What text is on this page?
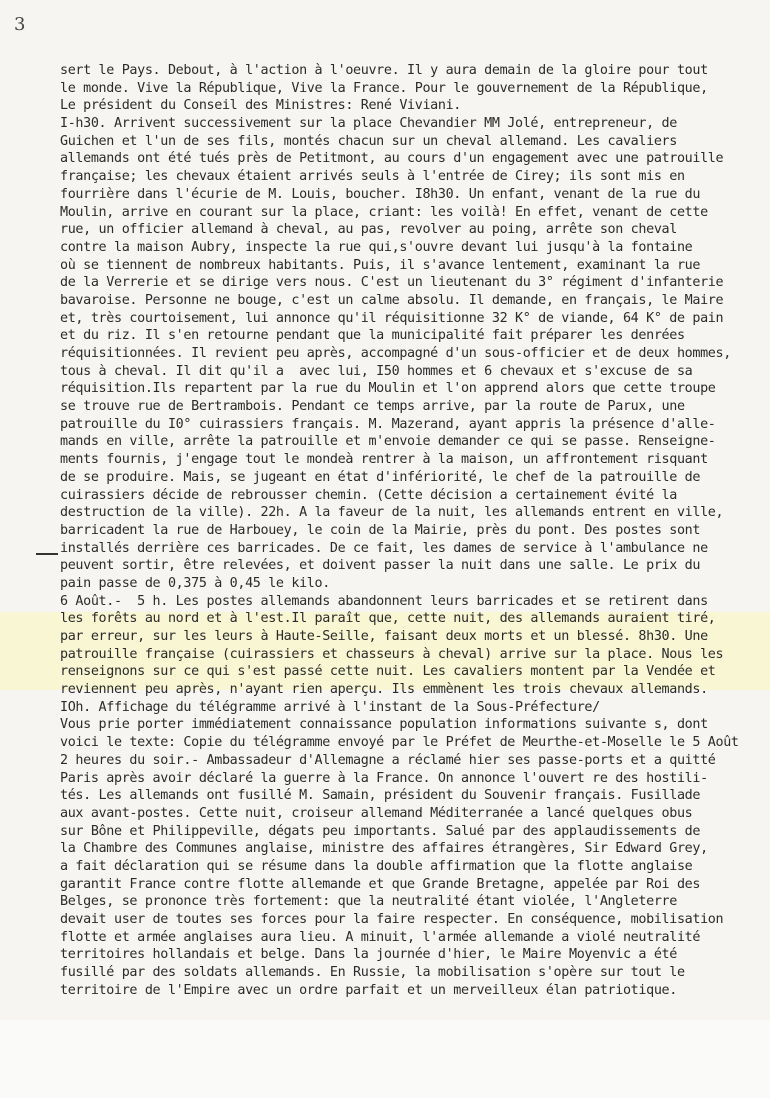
3
sert le Pays. Debout, à l'action à l'oeuvre. Il y aura demain de la gloire pour tout
le monde. Vive la République, Vive la France. Pour le gouvernement de la République,
Le président du Conseil des Ministres: René Viviani.
I-h30. Arrivent successivement sur la place Chevandier MM Jolé, entrepreneur, de
Guichen et l'un de ses fils, montés chacun sur un cheval allemand. Les cavaliers
allemands ont été tués près de Petitmont, au cours d'un engagement avec une patrouille
française; les chevaux étaient arrivés seuls à l'entrée de Cirey; ils sont mis en
fourrière dans l'écurie de M. Louis, boucher. I8h30. Un enfant, venant de la rue du
Moulin, arrive en courant sur la place, criant: les voilà! En effet, venant de cette
rue, un officier allemand à cheval, au pas, revolver au poing, arrête son cheval
contre la maison Aubry, inspecte la rue qui,s'ouvre devant lui jusqu'à la fontaine
où se tiennent de nombreux habitants. Puis, il s'avance lentement, examinant la rue
de la Verrerie et se dirige vers nous. C'est un lieutenant du 3° régiment d'infanterie
bavaroise. Personne ne bouge, c'est un calme absolu. Il demande, en français, le Maire
et, très courtoisement, lui annonce qu'il réquisitionne 32 K° de viande, 64 K° de pain
et du riz. Il s'en retourne pendant que la municipalité fait préparer les denrées
réquisitionnées. Il revient peu après, accompagné d'un sous-officier et de deux hommes,
tous à cheval. Il dit qu'il a  avec lui, I50 hommes et 6 chevaux et s'excuse de sa
réquisition.Ils repartent par la rue du Moulin et l'on apprend alors que cette troupe
se trouve rue de Bertrambois. Pendant ce temps arrive, par la route de Parux, une
patrouille du I0° cuirassiers français. M. Mazerand, ayant appris la présence d'alle-
mands en ville, arrête la patrouille et m'envoie demander ce qui se passe. Renseigne-
ments fournis, j'engage tout le mondeà rentrer à la maison, un affrontement risquant
de se produire. Mais, se jugeant en état d'infériorité, le chef de la patrouille de
cuirassiers décide de rebrousser chemin. (Cette décision a certainement évité la
destruction de la ville). 22h. A la faveur de la nuit, les allemands entrent en ville,
barricadent la rue de Harbouey, le coin de la Mairie, près du pont. Des postes sont
installés derrière ces barricades. De ce fait, les dames de service à l'ambulance ne
peuvent sortir, être relevées, et doivent passer la nuit dans une salle. Le prix du
pain passe de 0,375 à 0,45 le kilo.
6 Août.-  5 h. Les postes allemands abandonnent leurs barricades et se retirent dans
les forêts au nord et à l'est.Il paraît que, cette nuit, des allemands auraient tiré,
par erreur, sur les leurs à Haute-Seille, faisant deux morts et un blessé. 8h30. Une
patrouille française (cuirassiers et chasseurs à cheval) arrive sur la place. Nous les
renseignons sur ce qui s'est passé cette nuit. Les cavaliers montent par la Vendée et
reviennent peu après, n'ayant rien aperçu. Ils emmènent les trois chevaux allemands.
IOh. Affichage du télégramme arrivé à l'instant de la Sous-Préfecture/
Vous prie porter immédiatement connaissance population informations suivante s, dont
voici le texte: Copie du télégramme envoyé par le Préfet de Meurthe-et-Moselle le 5 Août
2 heures du soir.- Ambassadeur d'Allemagne a réclamé hier ses passe-ports et a quitté
Paris après avoir déclaré la guerre à la France. On annonce l'ouvert re des hostili-
tés. Les allemands ont fusillé M. Samain, président du Souvenir français. Fusillade
aux avant-postes. Cette nuit, croiseur allemand Méditerranée a lancé quelques obus
sur Bône et Philippeville, dégats peu importants. Salué par des applaudissements de
la Chambre des Communes anglaise, ministre des affaires étrangères, Sir Edward Grey,
a fait déclaration qui se résume dans la double affirmation que la flotte anglaise
garantit France contre flotte allemande et que Grande Bretagne, appelée par Roi des
Belges, se prononce très fortement: que la neutralité étant violée, l'Angleterre
devait user de toutes ses forces pour la faire respecter. En conséquence, mobilisation
flotte et armée anglaises aura lieu. A minuit, l'armée allemande a violé neutralité
territoires hollandais et belge. Dans la journée d'hier, le Maire Moyenvic a été
fusillé par des soldats allemands. En Russie, la mobilisation s'opère sur tout le
territoire de l'Empire avec un ordre parfait et un merveilleux élan patriotique.
